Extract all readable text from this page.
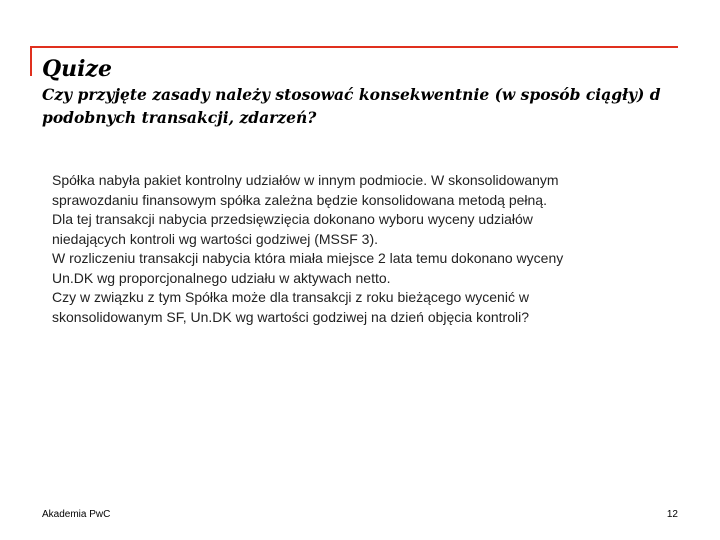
Quize
Czy przyjęte zasady należy stosować konsekwentnie (w sposób ciągły) d
podobnych transakcji, zdarzeń?
Spółka nabyła pakiet kontrolny udziałów w innym podmiocie. W skonsolidowanym
sprawozdaniu finansowym spółka zależna będzie konsolidowana metodą pełną.
Dla tej transakcji nabycia przedsięwzięcia dokonano wyboru wyceny udziałów
niedających kontroli wg wartości godziwej (MSSF 3).
W rozliczeniu transakcji nabycia która miała miejsce 2 lata temu dokonano wyceny
Un.DK wg proporcjonalnego udziału w aktywach netto.
Czy w związku z tym Spółka może dla transakcji z roku bieżącego wycenić w
skonsolidowanym SF, Un.DK wg wartości godziwej na dzień objęcia kontroli?
Akademia PwC	12
